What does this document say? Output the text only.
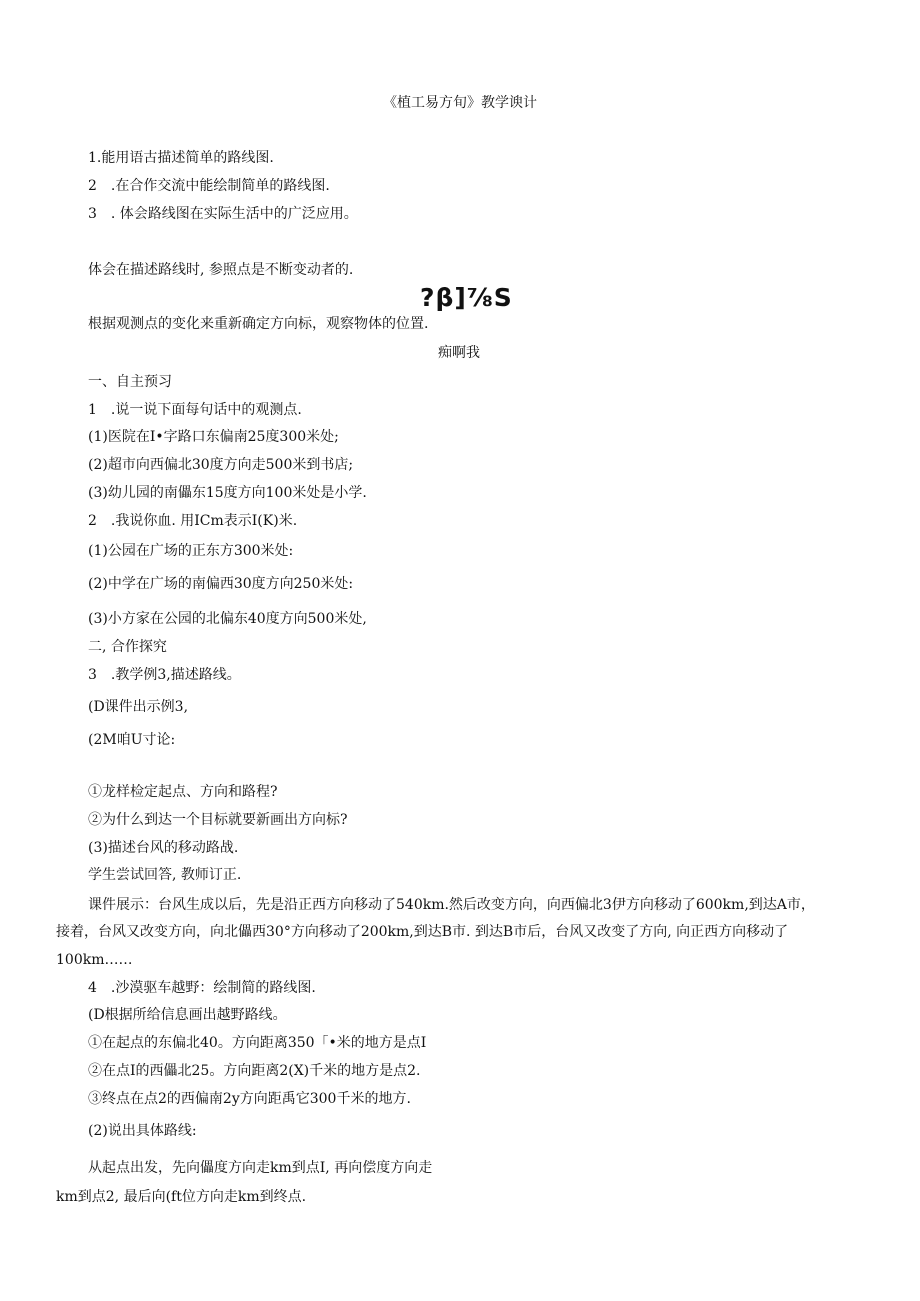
《植工易方旬》教学谀计
1.能用语古描述简单的路线图.
2　.在合作交流中能绘制简单的路线图.
3　. 体会路线图在实际生活中的广泛应用。
体会在描述路线时, 参照点是不断变动者的.
?β]⅞S
根据观测点的变化来重新确定方向标，观察物体的位置.
痴啊我
一、自主预习
1　.说一说下面每句话中的观测点.
(1)医院在I•字路口东偏南25度300米处;
(2)超市向西偏北30度方向走500米到书店;
(3)幼儿园的南儡东15度方向100米处是小学.
2　.我说你血. 用ICm表示I(K)米.
(1)公园在广场的正东方300米处:
(2)中学在广场的南偏西30度方向250米处:
(3)小方家在公园的北偏东40度方向500米处,
二, 合作探究
3　.教学例3,描述路线。
(D课件出示例3,
(2M咱U寸论:
①龙样检定起点、方向和路程?
②为什么到达一个目标就要新画出方向标?
(3)描述台风的移动路战.
学生尝试回答, 教师订正.
课件展示：台风生成以后，先是沿正西方向移动了540km.然后改变方向，向西偏北3伊方向移动了600km,到达A市，
接着，台风又改变方向，向北儡西30°方向移动了200km,到达B市. 到达B市后，台风又改变了方向, 向正西方向移动了
100km……
4　.沙漠驱车越野：绘制简的路线图.
(D根据所给信息画出越野路线。
①在起点的东偏北40。方向距离350「•米的地方是点I
②在点I的西儡北25。方向距离2(X)千米的地方是点2.
③终点在点2的西偏南2y方向距禹它300千米的地方.
(2)说出具体路线:
从起点出发，先向儡度方向走km到点I, 再向偿度方向走
km到点2, 最后向(ft位方向走km到终点.
